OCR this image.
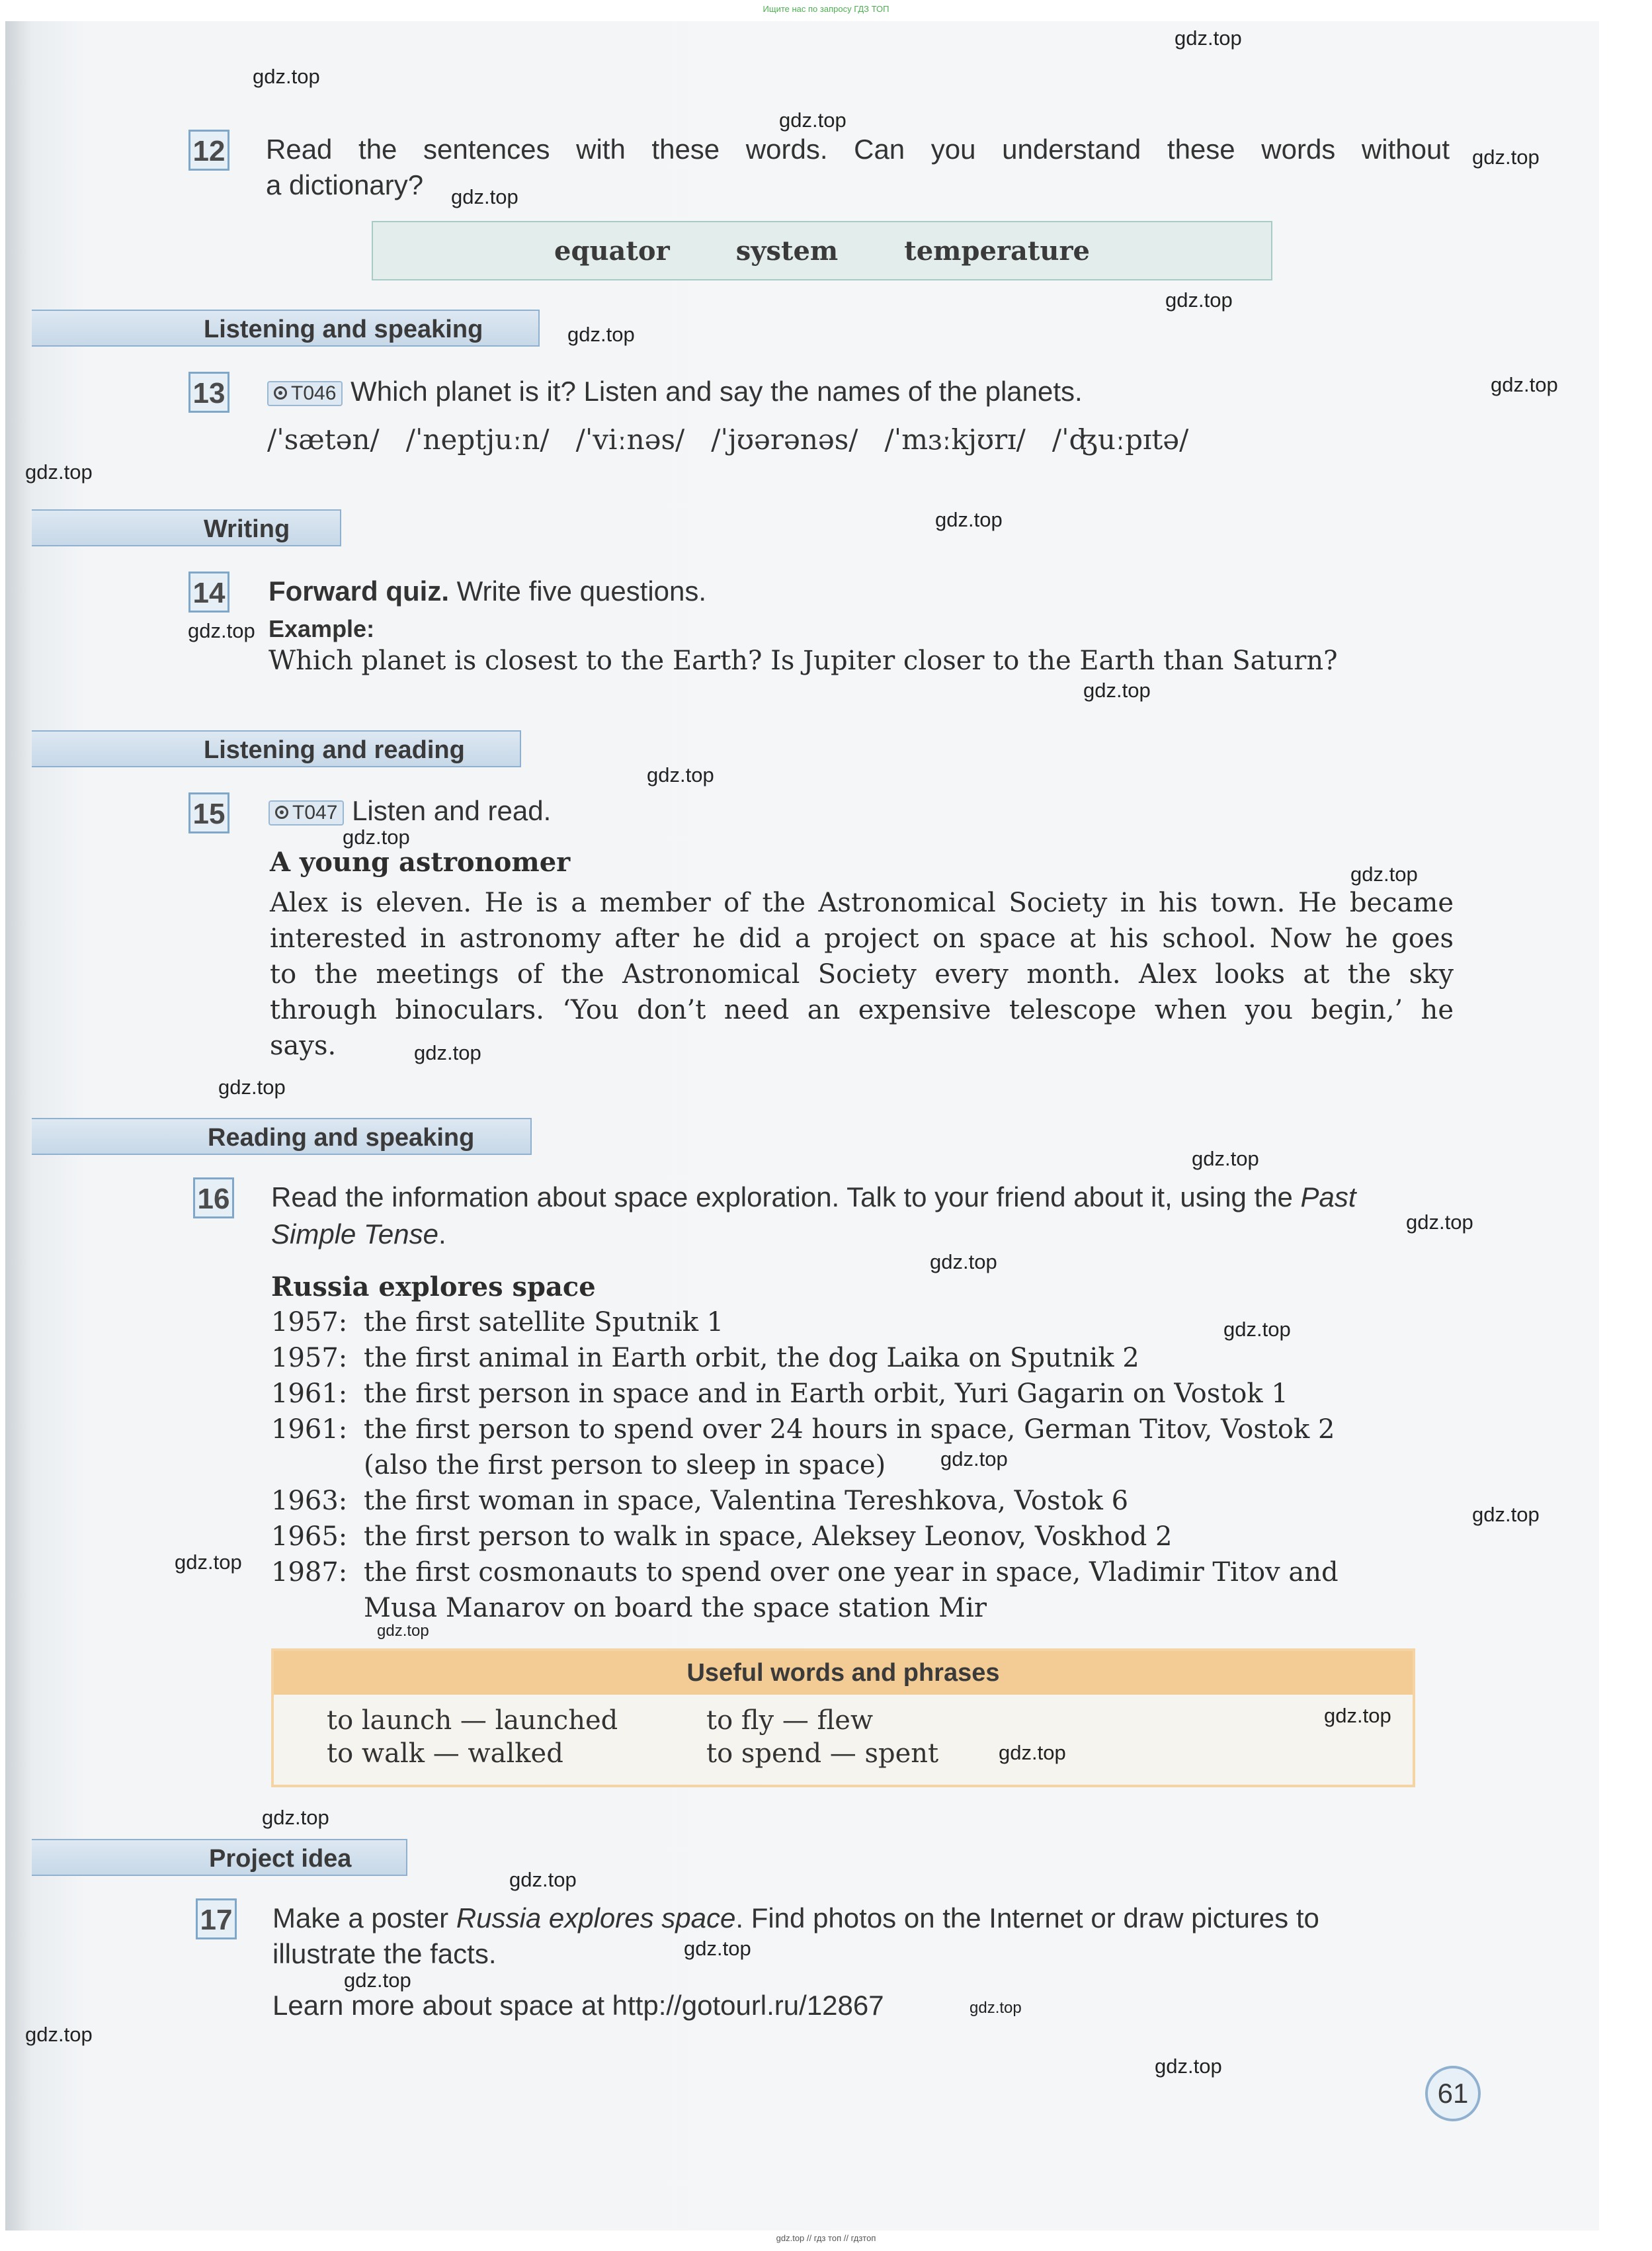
Ищите нас по запросу ГДЗ ТОП
12 Read the sentences with these words. Can you understand these words without
a dictionary?
equator	system	temperature
Listening and speaking
13	T046 Which planet is it? Listen and say the names of the planets.
/ˈsætən/ /ˈneptjuːn/ /ˈviːnəs/ /ˈjʊərənəs/ /ˈmɜːkjʊrɪ/ /ˈʤuːpɪtə/
Writing
14 Forward quiz. Write five questions.
Example:
Which planet is closest to the Earth? Is Jupiter closer to the Earth than Saturn?
Listening and reading
15	T047 Listen and read.
A young astronomer
Alex is eleven. He is a member of the Astronomical Society in his town. He became
interested in astronomy after he did a project on space at his school. Now he goes
to the meetings of the Astronomical Society every month. Alex looks at the sky
through binoculars. ‘You don’t need an expensive telescope when you begin,’ he
says.
Reading and speaking
16 Read the information about space exploration. Talk to your friend about it, using the Past
Simple Tense.
Russia explores space
1957: the first satellite Sputnik 1
1957: the first animal in Earth orbit, the dog Laika on Sputnik 2
1961: the first person in space and in Earth orbit, Yuri Gagarin on Vostok 1
1961: the first person to spend over 24 hours in space, German Titov, Vostok 2
(also the first person to sleep in space)
1963: the first woman in space, Valentina Tereshkova, Vostok 6
1965: the first person to walk in space, Aleksey Leonov, Voskhod 2
1987: the first cosmonauts to spend over one year in space, Vladimir Titov and
Musa Manarov on board the space station Mir
Useful words and phrases
to launch — launched	to fly — flew
to walk — walked	to spend — spent
Project idea
17 Make a poster Russia explores space. Find photos on the Internet or draw pictures to
illustrate the facts.
Learn more about space at http://gotourl.ru/12867
61
gdz.top
gdz.top
gdz.top
gdz.top
gdz.top
gdz.top
gdz.top
gdz.top
gdz.top
gdz.top
gdz.top
gdz.top
gdz.top
gdz.top
gdz.top
gdz.top
gdz.top
gdz.top
gdz.top
gdz.top
gdz.top
gdz.top
gdz.top
gdz.top
gdz.top
gdz.top
gdz.top
gdz.top
gdz.top
gdz.top
gdz.top
gdz.top
gdz.top
gdz.top
gdz.top // гдз топ // гдзтоп
